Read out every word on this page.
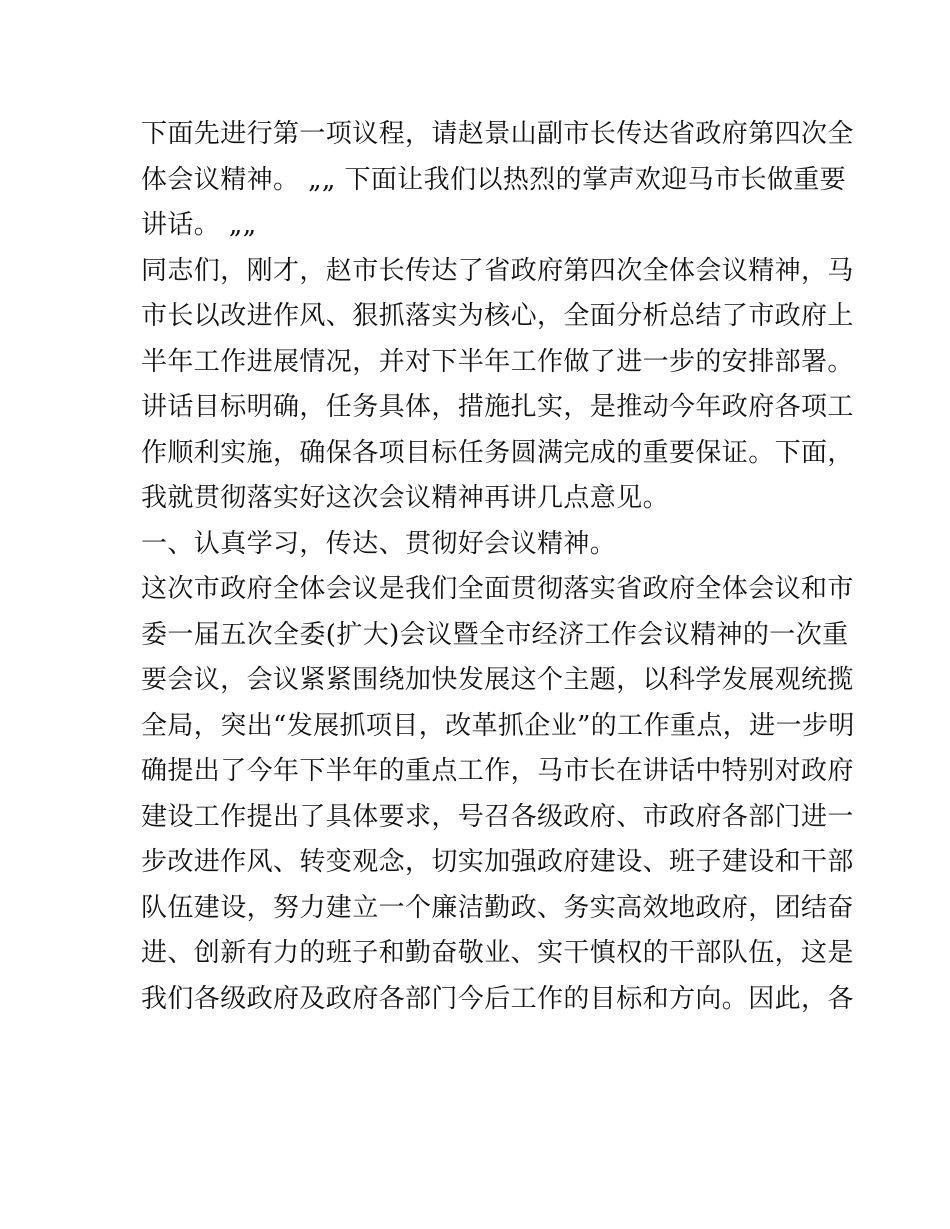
下面先进行第一项议程，请赵景山副市长传达省政府第四次全
体会议精神。 „„ 下面让我们以热烈的掌声欢迎马市长做重要
讲话。 „„
同志们，刚才，赵市长传达了省政府第四次全体会议精神，马
市长以改进作风、狠抓落实为核心，全面分析总结了市政府上
半年工作进展情况，并对下半年工作做了进一步的安排部署。
讲话目标明确，任务具体，措施扎实，是推动今年政府各项工
作顺利实施，确保各项目标任务圆满完成的重要保证。下面，
我就贯彻落实好这次会议精神再讲几点意见。
一、认真学习，传达、贯彻好会议精神。
这次市政府全体会议是我们全面贯彻落实省政府全体会议和市
委一届五次全委(扩大)会议暨全市经济工作会议精神的一次重
要会议，会议紧紧围绕加快发展这个主题，以科学发展观统揽
全局，突出“发展抓项目，改革抓企业”的工作重点，进一步明
确提出了今年下半年的重点工作，马市长在讲话中特别对政府
建设工作提出了具体要求，号召各级政府、市政府各部门进一
步改进作风、转变观念，切实加强政府建设、班子建设和干部
队伍建设，努力建立一个廉洁勤政、务实高效地政府，团结奋
进、创新有力的班子和勤奋敬业、实干慎权的干部队伍，这是
我们各级政府及政府各部门今后工作的目标和方向。因此，各
